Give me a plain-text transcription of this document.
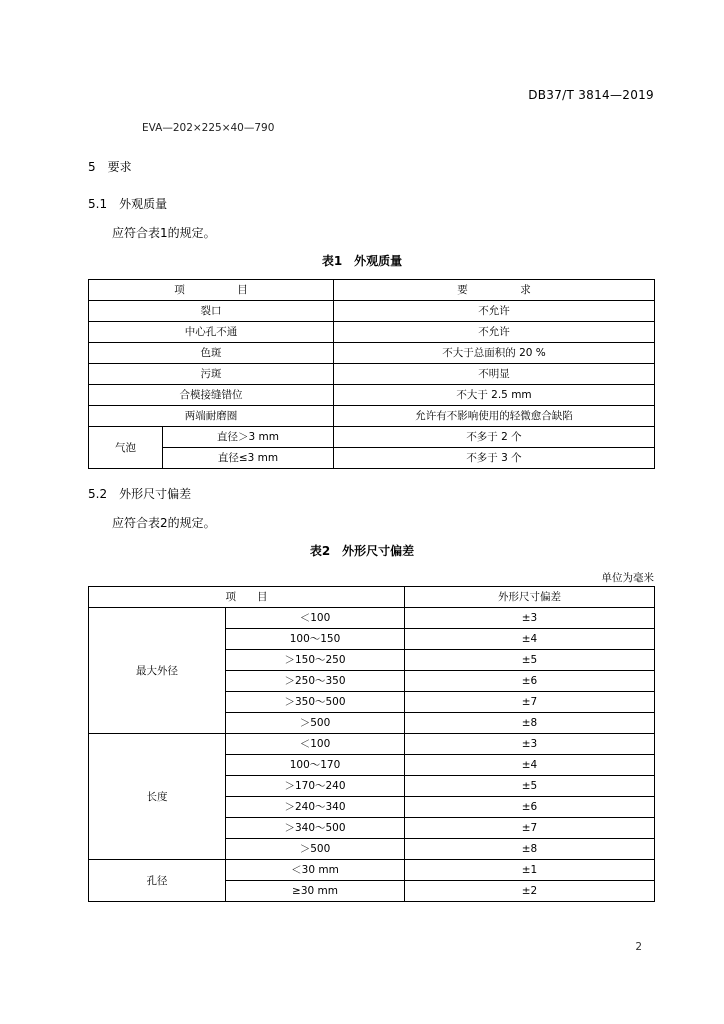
DB37/T 3814—2019
EVA—202×225×40—790
5　要求
5.1　外观质量
应符合表1的规定。
表1　外观质量
项　　　　　目		要　　　　　求
裂口		不允许
中心孔不通		不允许
色斑		不大于总面积的 20 %
污斑		不明显
合模接缝错位		不大于 2.5 mm
两端耐磨圈		允许有不影响使用的轻微愈合缺陷
气泡	直径＞3 mm	不多于 2 个
	直径≤3 mm	不多于 3 个
5.2　外形尺寸偏差
应符合表2的规定。
表2　外形尺寸偏差
单位为毫米
项　　目		外形尺寸偏差
最大外径	＜100	±3
	100～150	±4
	＞150～250	±5
	＞250～350	±6
	＞350～500	±7
	＞500	±8
长度	＜100	±3
	100～170	±4
	＞170～240	±5
	＞240～340	±6
	＞340～500	±7
	＞500	±8
孔径	＜30 mm	±1
	≥30 mm	±2
2
